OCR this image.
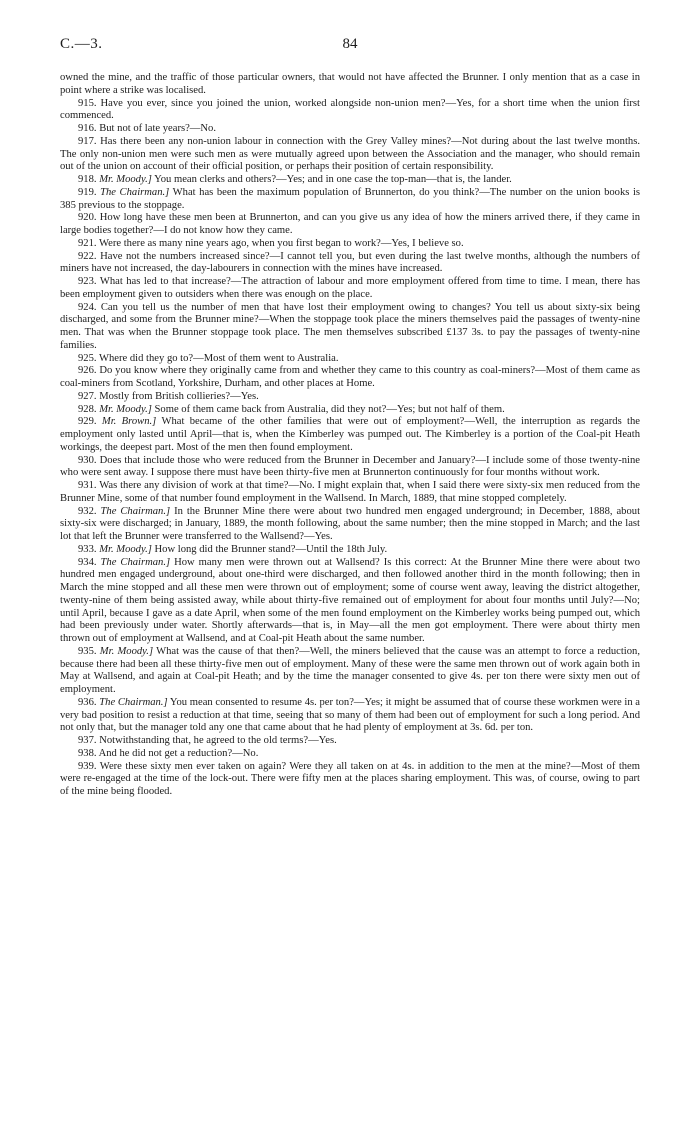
C.—3.	84

owned the mine, and the traffic of those particular owners, that would not have affected the Brunner. I only mention that as a case in point where a strike was localised.

915. Have you ever, since you joined the union, worked alongside non-union men?—Yes, for a short time when the union first commenced.

916. But not of late years?—No.

917. Has there been any non-union labour in connection with the Grey Valley mines?—Not during about the last twelve months. The only non-union men were such men as were mutually agreed upon between the Association and the manager, who should remain out of the union on account of their official position, or perhaps their position of certain responsibility.

918. Mr. Moody.] You mean clerks and others?—Yes; and in one case the top-man—that is, the lander.

919. The Chairman.] What has been the maximum population of Brunnerton, do you think?—The number on the union books is 385 previous to the stoppage.

920. How long have these men been at Brunnerton, and can you give us any idea of how the miners arrived there, if they came in large bodies together?—I do not know how they came.

921. Were there as many nine years ago, when you first began to work?—Yes, I believe so.

922. Have not the numbers increased since?—I cannot tell you, but even during the last twelve months, although the numbers of miners have not increased, the day-labourers in connection with the mines have increased.

923. What has led to that increase?—The attraction of labour and more employment offered from time to time. I mean, there has been employment given to outsiders when there was enough on the place.

924. Can you tell us the number of men that have lost their employment owing to changes? You tell us about sixty-six being discharged, and some from the Brunner mine?—When the stoppage took place the miners themselves paid the passages of twenty-nine men. That was when the Brunner stoppage took place. The men themselves subscribed £137 3s. to pay the passages of twenty-nine families.

925. Where did they go to?—Most of them went to Australia.

926. Do you know where they originally came from and whether they came to this country as coal-miners?—Most of them came as coal-miners from Scotland, Yorkshire, Durham, and other places at Home.

927. Mostly from British collieries?—Yes.

928. Mr. Moody.] Some of them came back from Australia, did they not?—Yes; but not half of them.

929. Mr. Brown.] What became of the other families that were out of employment?—Well, the interruption as regards the employment only lasted until April—that is, when the Kimberley was pumped out. The Kimberley is a portion of the Coal-pit Heath workings, the deepest part. Most of the men then found employment.

930. Does that include those who were reduced from the Brunner in December and January?—I include some of those twenty-nine who were sent away. I suppose there must have been thirty-five men at Brunnerton continuously for four months without work.

931. Was there any division of work at that time?—No. I might explain that, when I said there were sixty-six men reduced from the Brunner Mine, some of that number found employment in the Wallsend. In March, 1889, that mine stopped completely.

932. The Chairman.] In the Brunner Mine there were about two hundred men engaged underground; in December, 1888, about sixty-six were discharged; in January, 1889, the month following, about the same number; then the mine stopped in March; and the last lot that left the Brunner were transferred to the Wallsend?—Yes.

933. Mr. Moody.] How long did the Brunner stand?—Until the 18th July.

934. The Chairman.] How many men were thrown out at Wallsend? Is this correct: At the Brunner Mine there were about two hundred men engaged underground, about one-third were discharged, and then followed another third in the month following; then in March the mine stopped and all these men were thrown out of employment; some of course went away, leaving the district altogether, twenty-nine of them being assisted away, while about thirty-five remained out of employment for about four months until July?—No; until April, because I gave as a date April, when some of the men found employment on the Kimberley works being pumped out, which had been previously under water. Shortly afterwards—that is, in May—all the men got employment. There were about thirty men thrown out of employment at Wallsend, and at Coal-pit Heath about the same number.

935. Mr. Moody.] What was the cause of that then?—Well, the miners believed that the cause was an attempt to force a reduction, because there had been all these thirty-five men out of employment. Many of these were the same men thrown out of work again both in May at Wallsend, and again at Coal-pit Heath; and by the time the manager consented to give 4s. per ton there were sixty men out of employment.

936. The Chairman.] You mean consented to resume 4s. per ton?—Yes; it might be assumed that of course these workmen were in a very bad position to resist a reduction at that time, seeing that so many of them had been out of employment for such a long period. And not only that, but the manager told any one that came about that he had plenty of employment at 3s. 6d. per ton.

937. Notwithstanding that, he agreed to the old terms?—Yes.

938. And he did not get a reduction?—No.

939. Were these sixty men ever taken on again? Were they all taken on at 4s. in addition to the men at the mine?—Most of them were re-engaged at the time of the lock-out. There were fifty men at the places sharing employment. This was, of course, owing to part of the mine being flooded.
